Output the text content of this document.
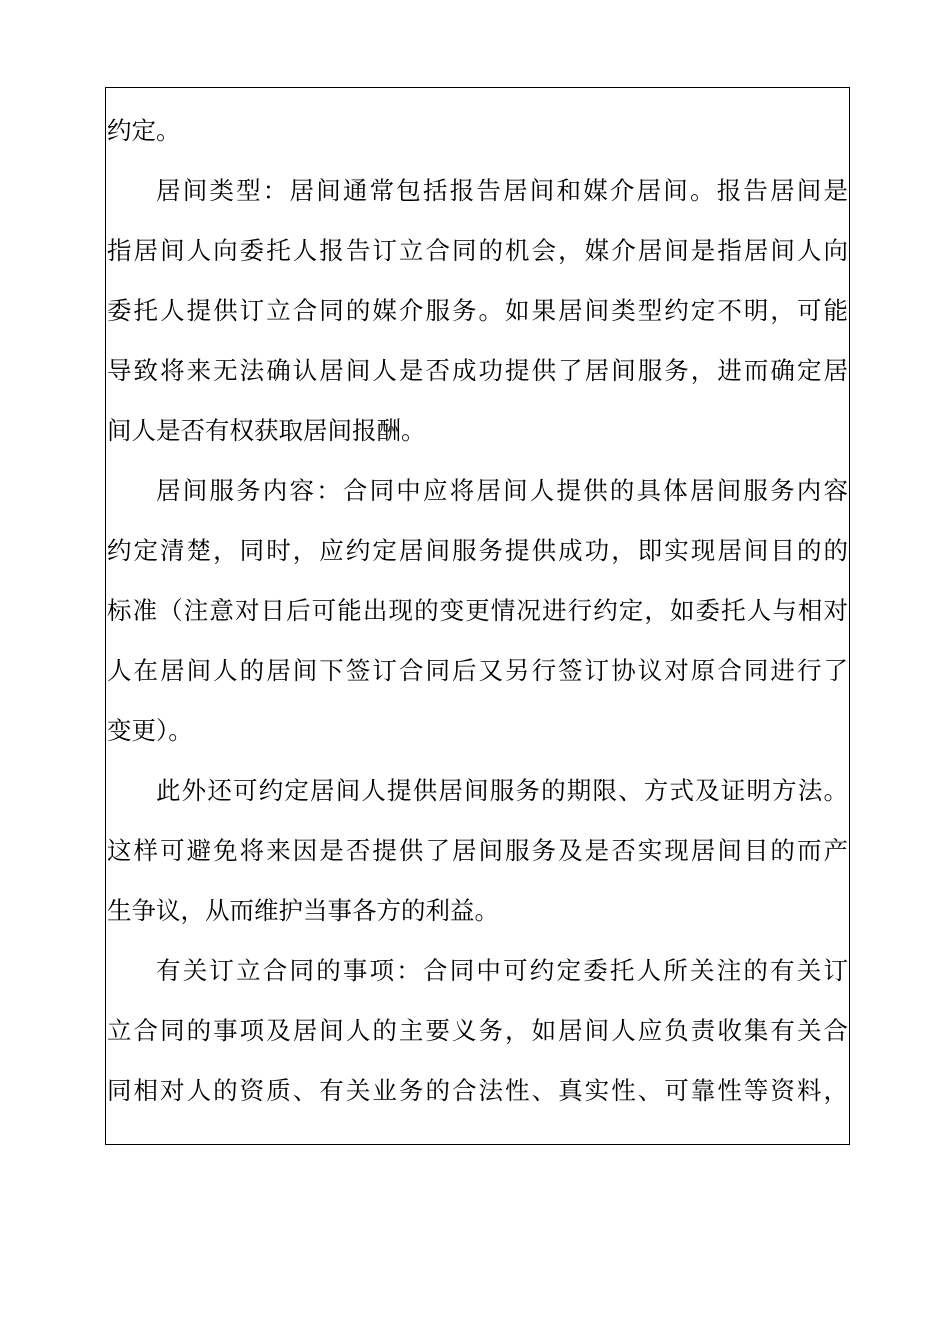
约定。
居间类型：居间通常包括报告居间和媒介居间。报告居间是
指居间人向委托人报告订立合同的机会，媒介居间是指居间人向
委托人提供订立合同的媒介服务。如果居间类型约定不明，可能
导致将来无法确认居间人是否成功提供了居间服务，进而确定居
间人是否有权获取居间报酬。
居间服务内容：合同中应将居间人提供的具体居间服务内容
约定清楚，同时，应约定居间服务提供成功，即实现居间目的的
标准（注意对日后可能出现的变更情况进行约定，如委托人与相对
人在居间人的居间下签订合同后又另行签订协议对原合同进行了
变更）。
此外还可约定居间人提供居间服务的期限、方式及证明方法。
这样可避免将来因是否提供了居间服务及是否实现居间目的而产
生争议，从而维护当事各方的利益。
有关订立合同的事项：合同中可约定委托人所关注的有关订
立合同的事项及居间人的主要义务，如居间人应负责收集有关合
同相对人的资质、有关业务的合法性、真实性、可靠性等资料，
